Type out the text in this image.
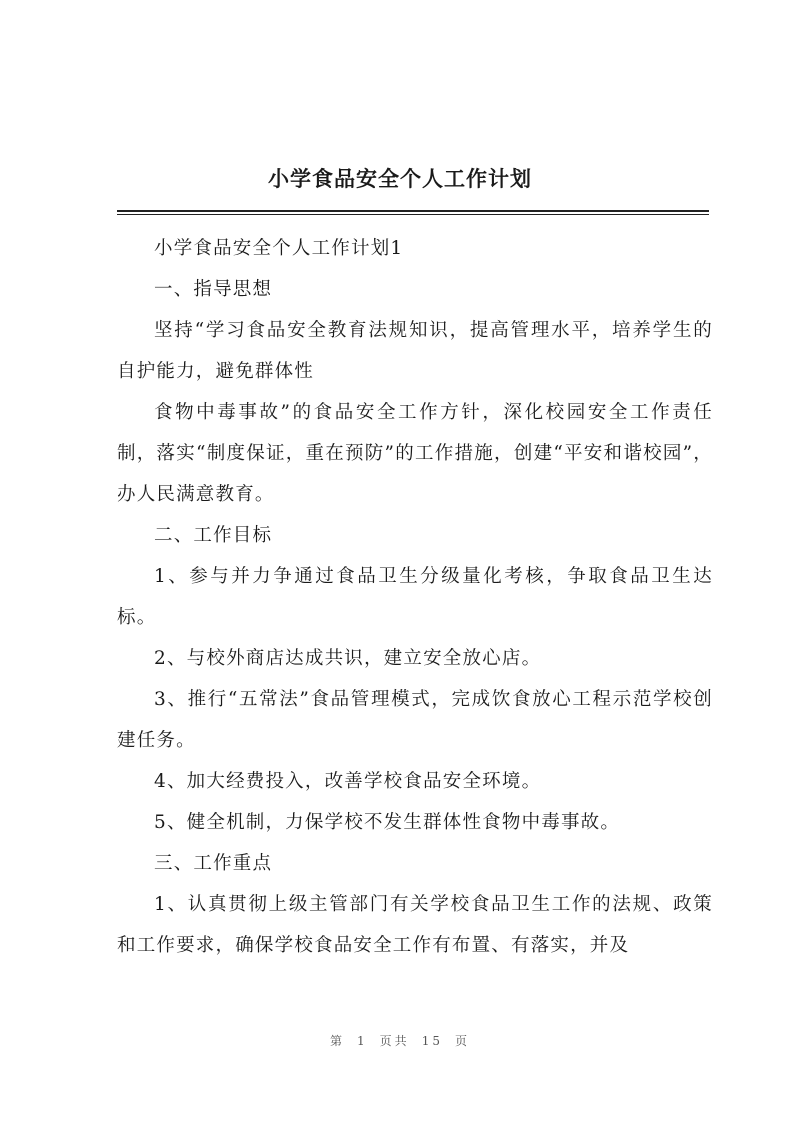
小学食品安全个人工作计划

小学食品安全个人工作计划1

一、指导思想

坚持“学习食品安全教育法规知识，提高管理水平，培养学生的自护能力，避免群体性

食物中毒事故”的食品安全工作方针，深化校园安全工作责任制，落实“制度保证，重在预防”的工作措施，创建“平安和谐校园”，办人民满意教育。

二、工作目标

1、参与并力争通过食品卫生分级量化考核，争取食品卫生达标。

2、与校外商店达成共识，建立安全放心店。

3、推行“五常法”食品管理模式，完成饮食放心工程示范学校创建任务。

4、加大经费投入，改善学校食品安全环境。

5、健全机制，力保学校不发生群体性食物中毒事故。

三、工作重点

1、认真贯彻上级主管部门有关学校食品卫生工作的法规、政策和工作要求，确保学校食品安全工作有布置、有落实，并及

第 1 页共 15 页
